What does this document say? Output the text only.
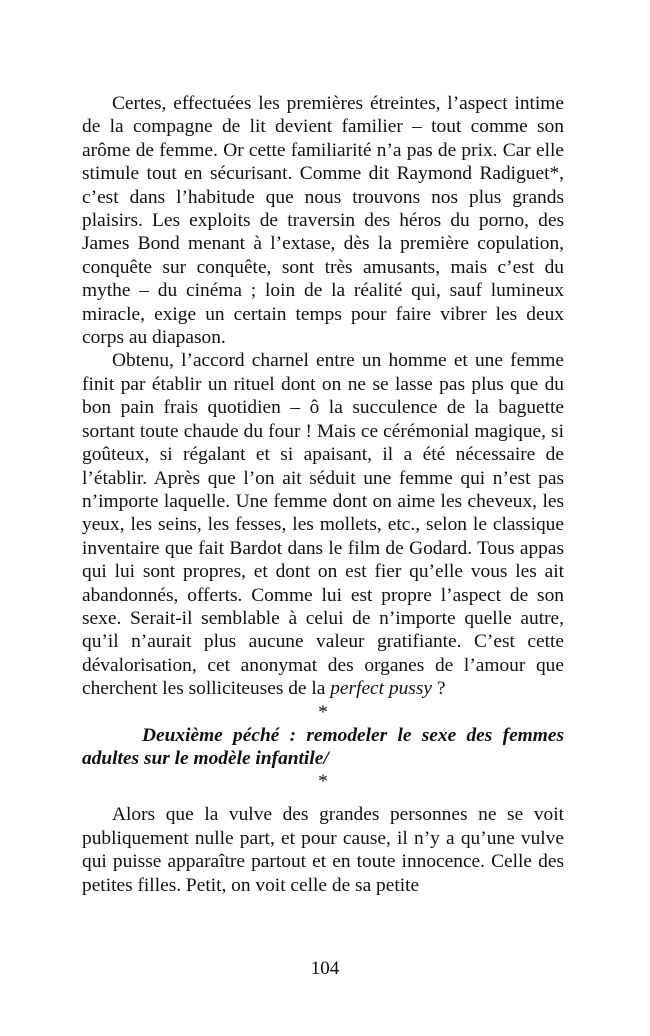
Certes, effectuées les premières étreintes, l’aspect intime de la compagne de lit devient familier – tout comme son arôme de femme. Or cette familiarité n’a pas de prix. Car elle stimule tout en sécurisant. Comme dit Raymond Radiguet*, c’est dans l’habitude que nous trouvons nos plus grands plaisirs. Les exploits de traversin des héros du porno, des James Bond menant à l’extase, dès la première copulation, conquête sur conquête, sont très amusants, mais c’est du mythe – du cinéma ; loin de la réalité qui, sauf lumineux miracle, exige un certain temps pour faire vibrer les deux corps au diapason.

Obtenu, l’accord charnel entre un homme et une femme finit par établir un rituel dont on ne se lasse pas plus que du bon pain frais quotidien – ô la succulence de la baguette sortant toute chaude du four ! Mais ce cérémonial magique, si goûteux, si régalant et si apaisant, il a été nécessaire de l’établir. Après que l’on ait séduit une femme qui n’est pas n’importe laquelle. Une femme dont on aime les cheveux, les yeux, les seins, les fesses, les mollets, etc., selon le classique inventaire que fait Bardot dans le film de Godard. Tous appas qui lui sont propres, et dont on est fier qu’elle vous les ait abandonnés, offerts. Comme lui est propre l’aspect de son sexe. Serait-il semblable à celui de n’importe quelle autre, qu’il n’aurait plus aucune valeur gratifiante. C’est cette dévalorisation, cet anonymat des organes de l’amour que cherchent les solliciteuses de la perfect pussy ?

*

Deuxième péché : remodeler le sexe des femmes adultes sur le modèle infantile/

*

Alors que la vulve des grandes personnes ne se voit publiquement nulle part, et pour cause, il n’y a qu’une vulve qui puisse apparaître partout et en toute innocence. Celle des petites filles. Petit, on voit celle de sa petite

104
